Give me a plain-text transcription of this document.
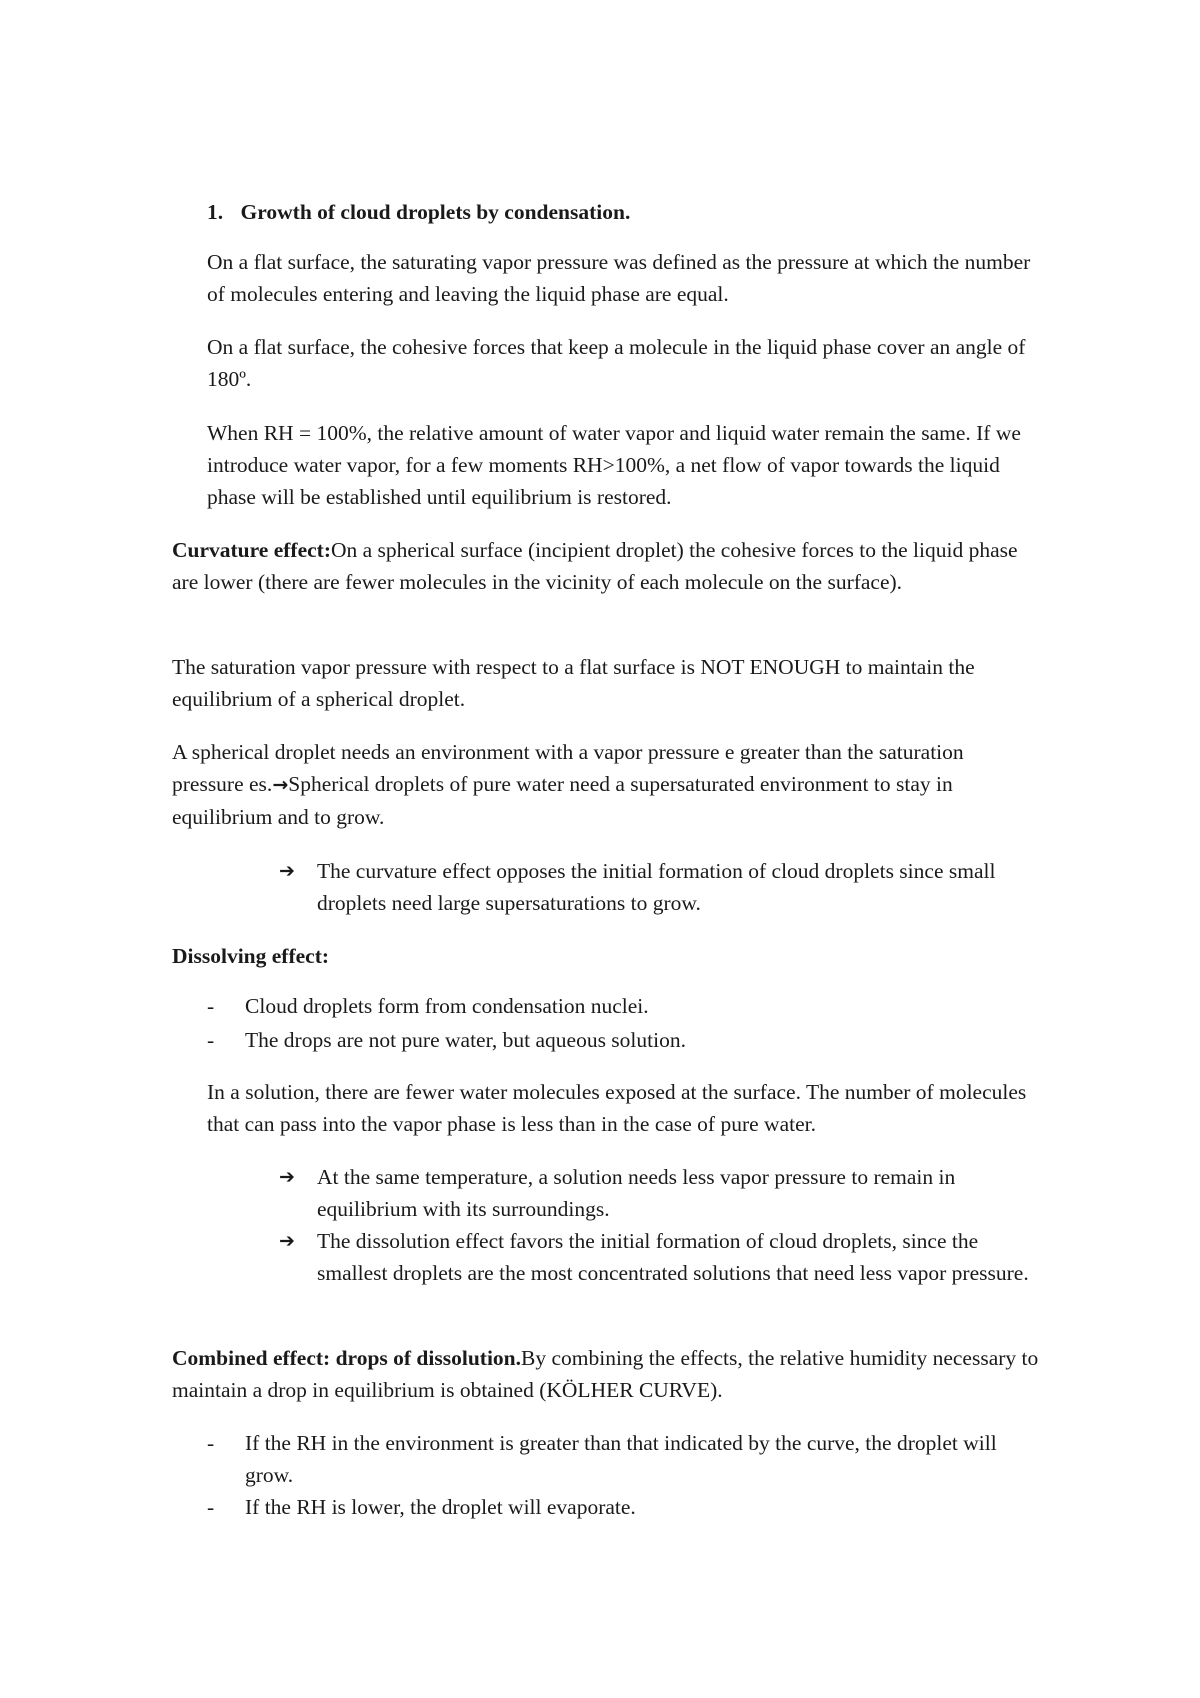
1. Growth of cloud droplets by condensation.

On a flat surface, the saturating vapor pressure was defined as the pressure at which the number of molecules entering and leaving the liquid phase are equal.

On a flat surface, the cohesive forces that keep a molecule in the liquid phase cover an angle of 180º.

When RH = 100%, the relative amount of water vapor and liquid water remain the same. If we introduce water vapor, for a few moments RH>100%, a net flow of vapor towards the liquid phase will be established until equilibrium is restored.

Curvature effect:On a spherical surface (incipient droplet) the cohesive forces to the liquid phase are lower (there are fewer molecules in the vicinity of each molecule on the surface).

The saturation vapor pressure with respect to a flat surface is NOT ENOUGH to maintain the equilibrium of a spherical droplet.

A spherical droplet needs an environment with a vapor pressure e greater than the saturation pressure es.→Spherical droplets of pure water need a supersaturated environment to stay in equilibrium and to grow.

➔ The curvature effect opposes the initial formation of cloud droplets since small droplets need large supersaturations to grow.

Dissolving effect:
- Cloud droplets form from condensation nuclei.
- The drops are not pure water, but aqueous solution.

In a solution, there are fewer water molecules exposed at the surface. The number of molecules that can pass into the vapor phase is less than in the case of pure water.

➔ At the same temperature, a solution needs less vapor pressure to remain in equilibrium with its surroundings.

➔ The dissolution effect favors the initial formation of cloud droplets, since the smallest droplets are the most concentrated solutions that need less vapor pressure.

Combined effect: drops of dissolution.By combining the effects, the relative humidity necessary to maintain a drop in equilibrium is obtained (KÖLHER CURVE).

- If the RH in the environment is greater than that indicated by the curve, the droplet will grow.
- If the RH is lower, the droplet will evaporate.
